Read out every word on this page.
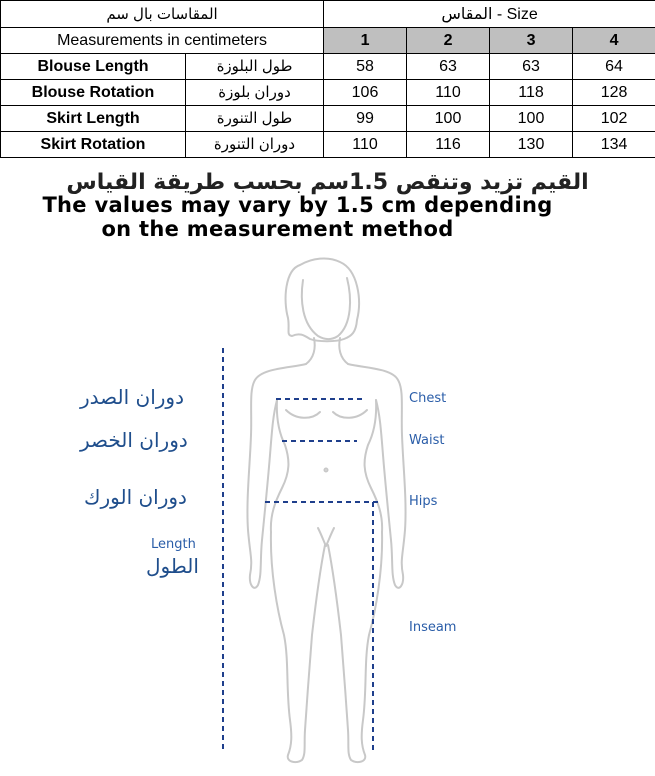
المقاسات بال سم		المقاس - Size			
Measurements in centimeters		1	2	3	4
Blouse Length	طول البلوزة	58	63	63	64
Blouse Rotation	دوران بلوزة	106	110	118	128
Skirt Length	طول التنورة	99	100	100	102
Skirt Rotation	دوران التنورة	110	116	130	134
القيم تزيد وتنقص 1.5سم بحسب طريقة القياس
The values may vary by 1.5 cm depending
on the measurement method
دوران الصدر
دوران الخصر
دوران الورك
Length
الطول
Chest
Waist
Hips
Inseam
